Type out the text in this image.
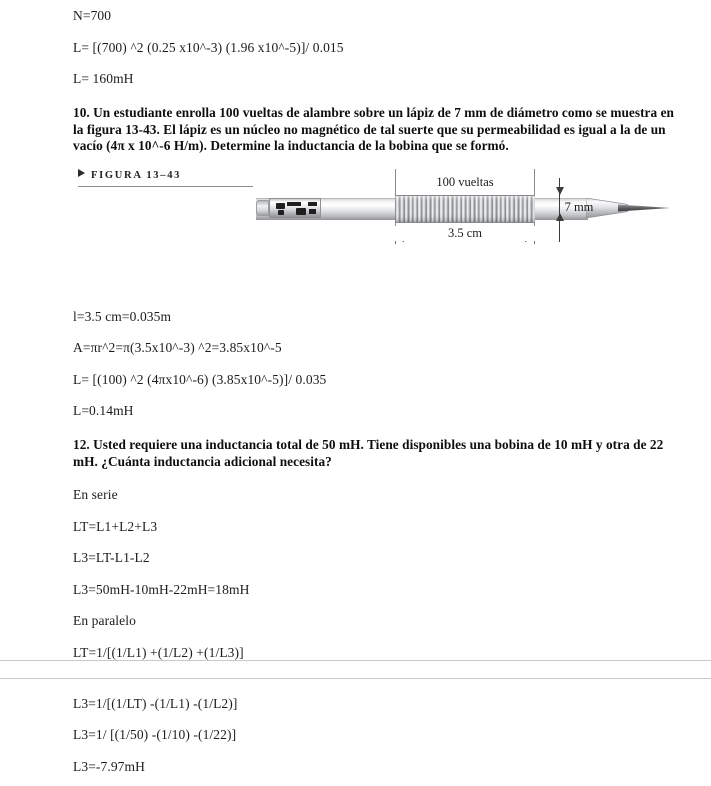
N=700

L= [(700) ^2 (0.25 x10^-3) (1.96 x10^-5)]/ 0.015

L= 160mH

10. Un estudiante enrolla 100 vueltas de alambre sobre un lápiz de 7 mm de diámetro como se muestra en la figura 13-43. El lápiz es un núcleo no magnético de tal suerte que su permeabilidad es igual a la de un vacío (4π x 10^-6 H/m). Determine la inductancia de la bobina que se formó.

FIGURA 13–43	100 vueltas
3.5 cm
7 mm

l=3.5 cm=0.035m

A=πr^2=π(3.5x10^-3) ^2=3.85x10^-5

L= [(100) ^2 (4πx10^-6) (3.85x10^-5)]/ 0.035

L=0.14mH

12. Usted requiere una inductancia total de 50 mH. Tiene disponibles una bobina de 10 mH y otra de 22 mH. ¿Cuánta inductancia adicional necesita?

En serie

LT=L1+L2+L3

L3=LT-L1-L2

L3=50mH-10mH-22mH=18mH

En paralelo

LT=1/[(1/L1) +(1/L2) +(1/L3)]

L3=1/[(1/LT) -(1/L1) -(1/L2)]

L3=1/ [(1/50) -(1/10) -(1/22)]

L3=-7.97mH
